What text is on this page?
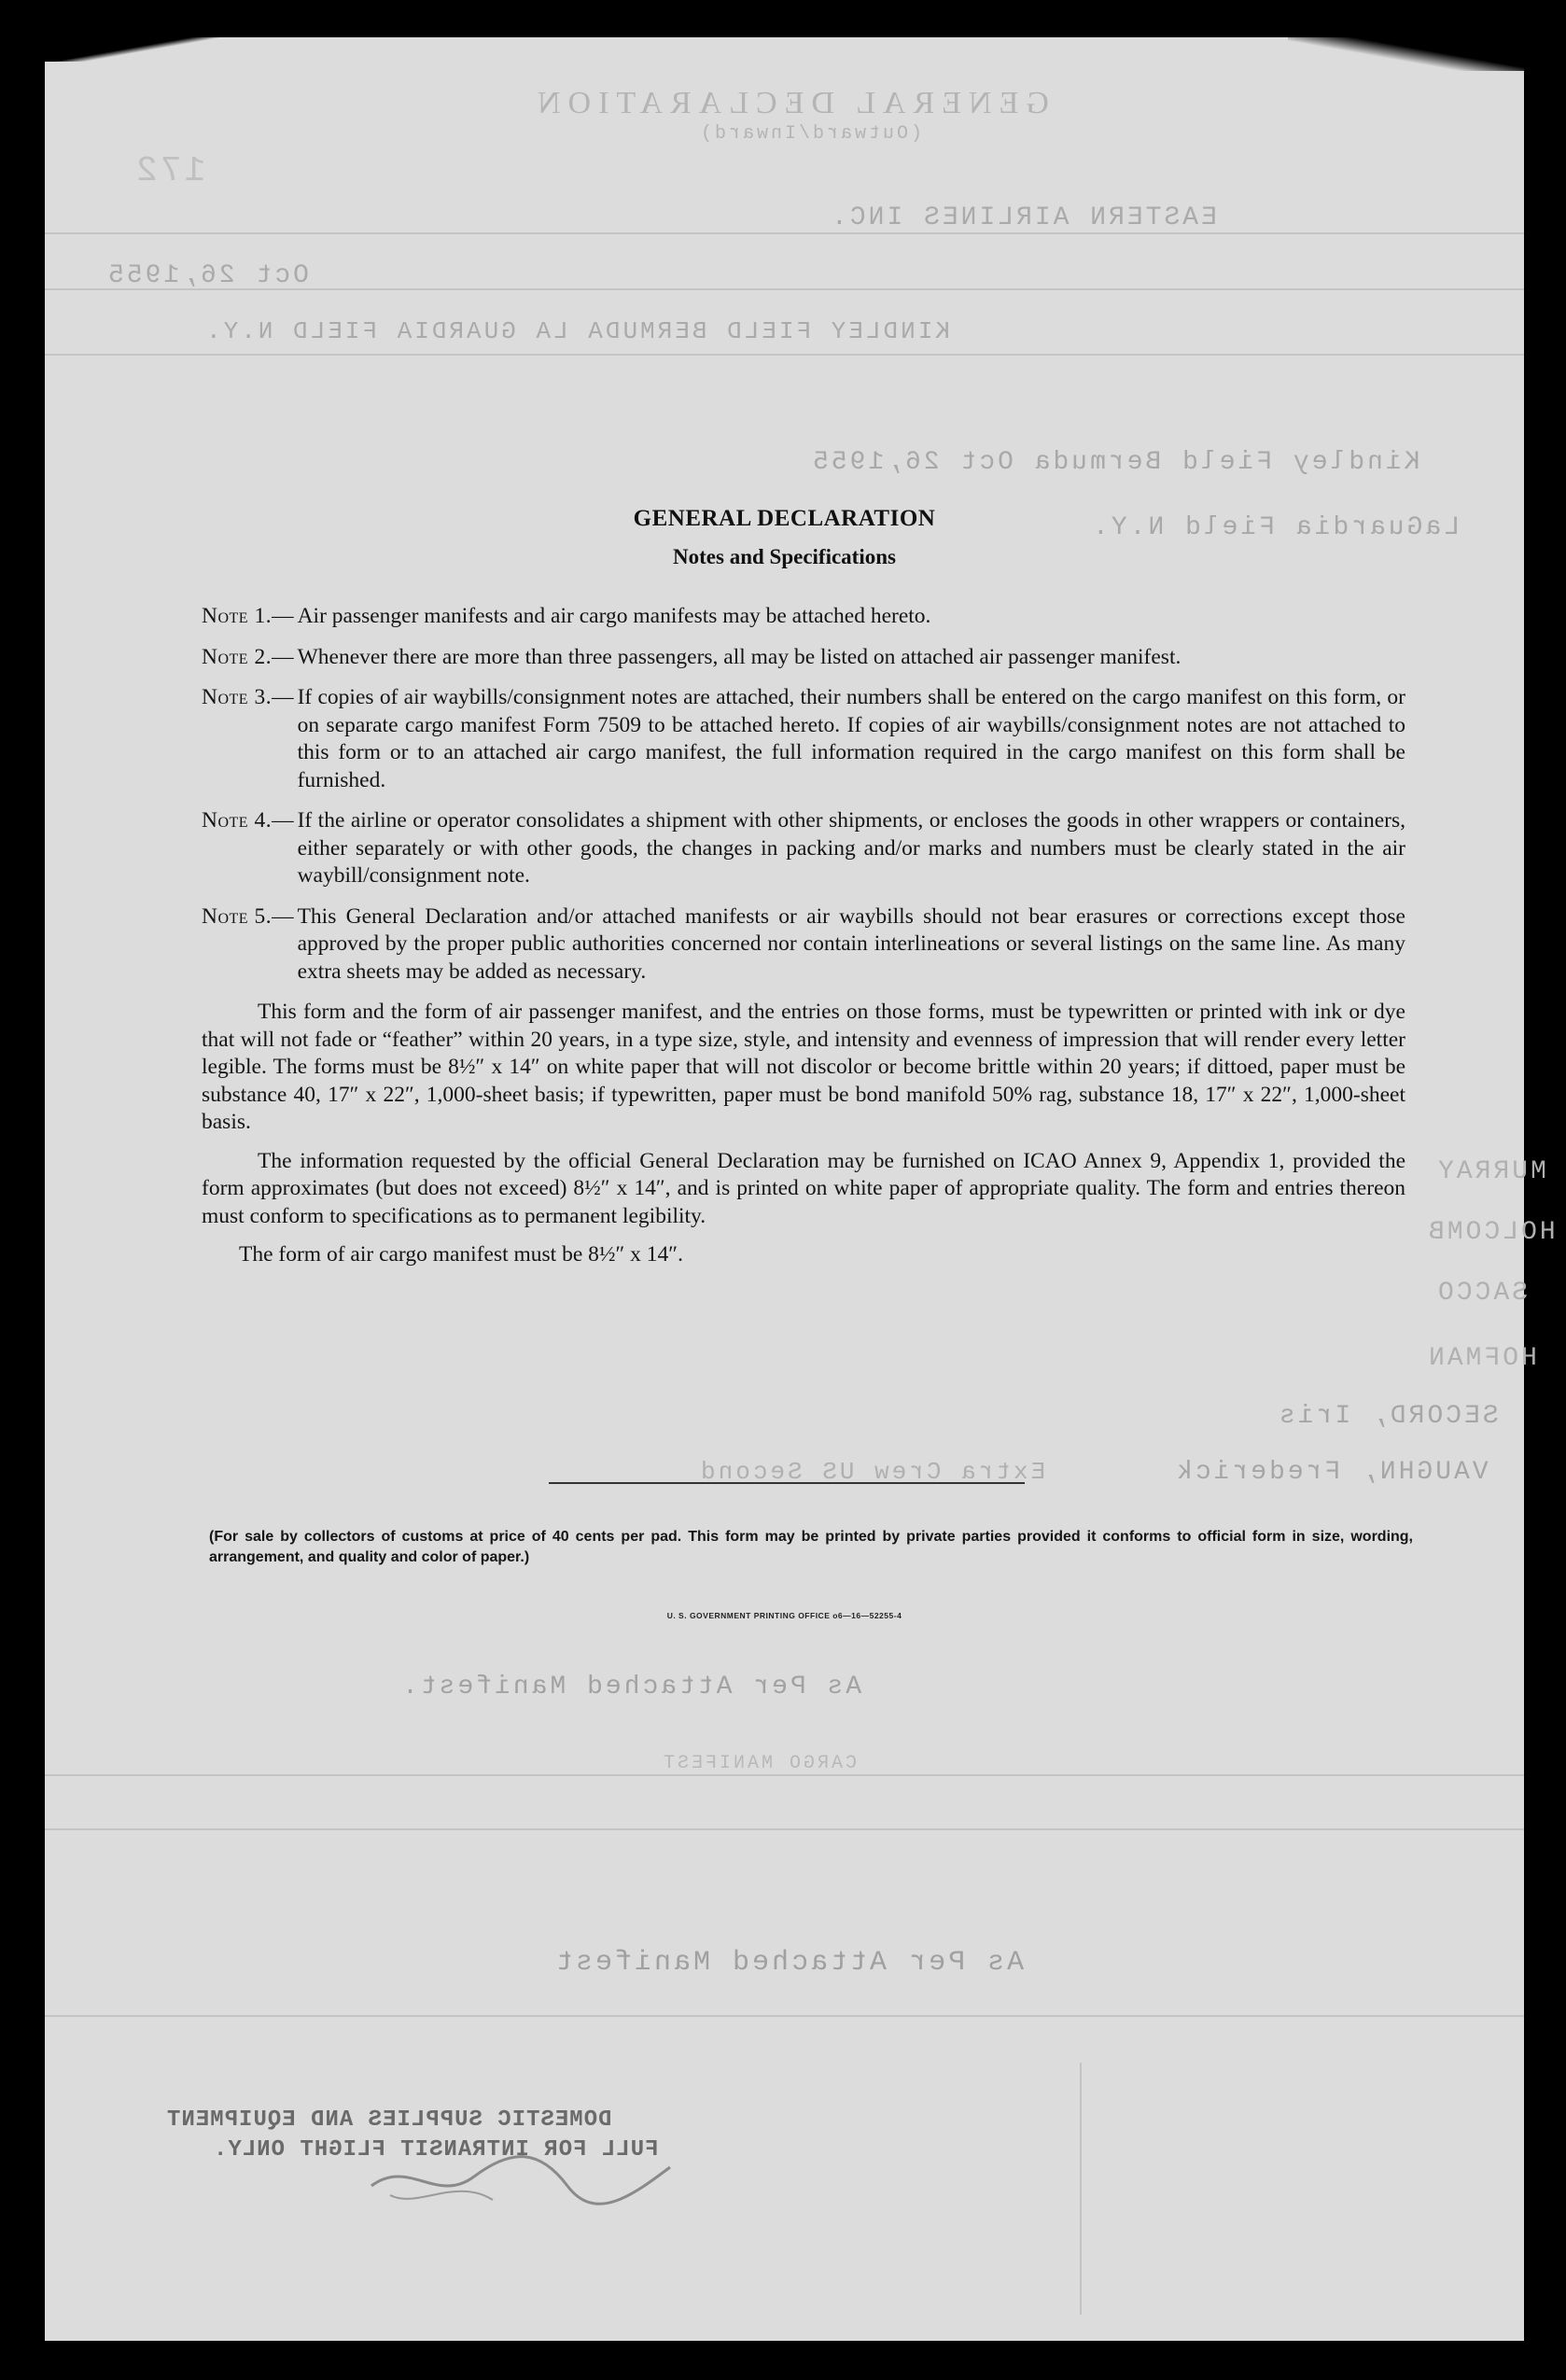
GENERAL DECLARATION
(Outward/Inward)
172
EASTERN AIRLINES INC.
Oct 26,1955
KINDLEY FIELD BERMUDA LA GUARDIA FIELD N.Y.
Kindley Field Bermuda Oct 26,1955
LaGuardia Field N.Y.
MURRAY
HOLCOMB
SACCO
HOFMAN
SECORD, Iris
VAUGHN, Frederick
Extra Crew US Second
As Per Attached Manifest.
CARGO MANIFEST
As Per Attached Manifest
DOMESTIC SUPPLIES AND EQUIPMENT
FULL FOR INTRANSIT FLIGHT ONLY.
GENERAL DECLARATION
Notes and Specifications
Note 1.— Air passenger manifests and air cargo manifests may be attached hereto.
Note 2.— Whenever there are more than three passengers, all may be listed on attached air passenger manifest.
Note 3.— If copies of air waybills/consignment notes are attached, their numbers shall be entered on the cargo manifest on this form, or on separate cargo manifest Form 7509 to be attached hereto. If copies of air waybills/consignment notes are not attached to this form or to an attached air cargo manifest, the full information required in the cargo manifest on this form shall be furnished.
Note 4.— If the airline or operator consolidates a shipment with other shipments, or encloses the goods in other wrappers or containers, either separately or with other goods, the changes in packing and/or marks and numbers must be clearly stated in the air waybill/consignment note.
Note 5.— This General Declaration and/or attached manifests or air waybills should not bear erasures or corrections except those approved by the proper public authorities concerned nor contain interlineations or several listings on the same line. As many extra sheets may be added as necessary.

This form and the form of air passenger manifest, and the entries on those forms, must be typewritten or printed with ink or dye that will not fade or “feather” within 20 years, in a type size, style, and intensity and evenness of impression that will render every letter legible. The forms must be 8½″ x 14″ on white paper that will not discolor or become brittle within 20 years; if dittoed, paper must be substance 40, 17″ x 22″, 1,000-sheet basis; if typewritten, paper must be bond manifold 50% rag, substance 18, 17″ x 22″, 1,000-sheet basis.

The information requested by the official General Declaration may be furnished on ICAO Annex 9, Appendix 1, provided the form approximates (but does not exceed) 8½″ x 14″, and is printed on white paper of appropriate quality. The form and entries thereon must conform to specifications as to permanent legibility.

The form of air cargo manifest must be 8½″ x 14″.
(For sale by collectors of customs at price of 40 cents per pad. This form may be printed by private parties provided it conforms to official form in size, wording, arrangement, and quality and color of paper.)
U. S. GOVERNMENT PRINTING OFFICE o6—16—52255-4
